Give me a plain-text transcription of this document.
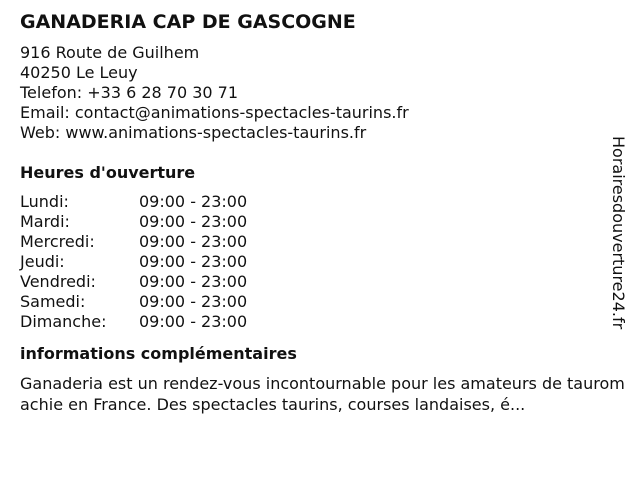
GANADERIA CAP DE GASCOGNE
916 Route de Guilhem
40250 Le Leuy
Telefon: +33 6 28 70 30 71
Email: contact@animations-spectacles-taurins.fr
Web: www.animations-spectacles-taurins.fr
Heures d'ouverture
Lundi:	09:00 - 23:00
Mardi:	09:00 - 23:00
Mercredi:	09:00 - 23:00
Jeudi:	09:00 - 23:00
Vendredi:	09:00 - 23:00
Samedi:	09:00 - 23:00
Dimanche:	09:00 - 23:00
informations complémentaires
Ganaderia est un rendez-vous incontournable pour les amateurs de tauromachie en France. Des spectacles taurins, courses landaises, é...
Horairesdouverture24.fr
